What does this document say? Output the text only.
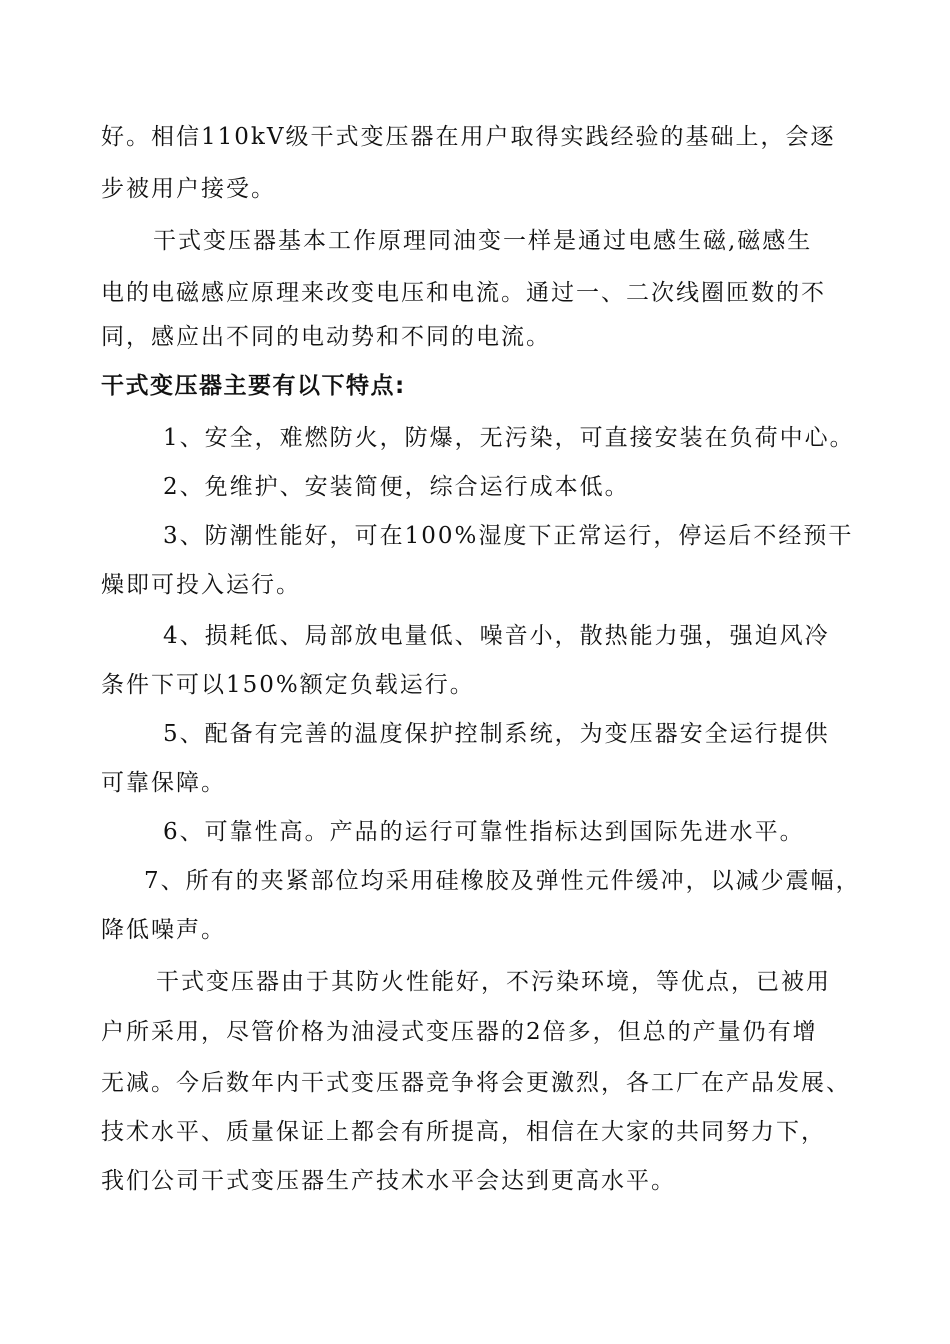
好。相信110kV级干式变压器在用户取得实践经验的基础上，会逐
步被用户接受。
干式变压器基本工作原理同油变一样是通过电感生磁,磁感生
电的电磁感应原理来改变电压和电流。通过一、二次线圈匝数的不
同，感应出不同的电动势和不同的电流。
干式变压器主要有以下特点:
1、安全，难燃防火，防爆，无污染，可直接安装在负荷中心。
2、免维护、安装简便，综合运行成本低。
3、防潮性能好，可在100%湿度下正常运行，停运后不经预干
燥即可投入运行。
4、损耗低、局部放电量低、噪音小，散热能力强，强迫风冷
条件下可以150%额定负载运行。
5、配备有完善的温度保护控制系统，为变压器安全运行提供
可靠保障。
6、可靠性高。产品的运行可靠性指标达到国际先进水平。
7、所有的夹紧部位均采用硅橡胶及弹性元件缓冲，以减少震幅，
降低噪声。
干式变压器由于其防火性能好，不污染环境，等优点，已被用
户所采用，尽管价格为油浸式变压器的2倍多，但总的产量仍有增
无减。今后数年内干式变压器竞争将会更激烈，各工厂在产品发展、
技术水平、质量保证上都会有所提高，相信在大家的共同努力下，
我们公司干式变压器生产技术水平会达到更高水平。
